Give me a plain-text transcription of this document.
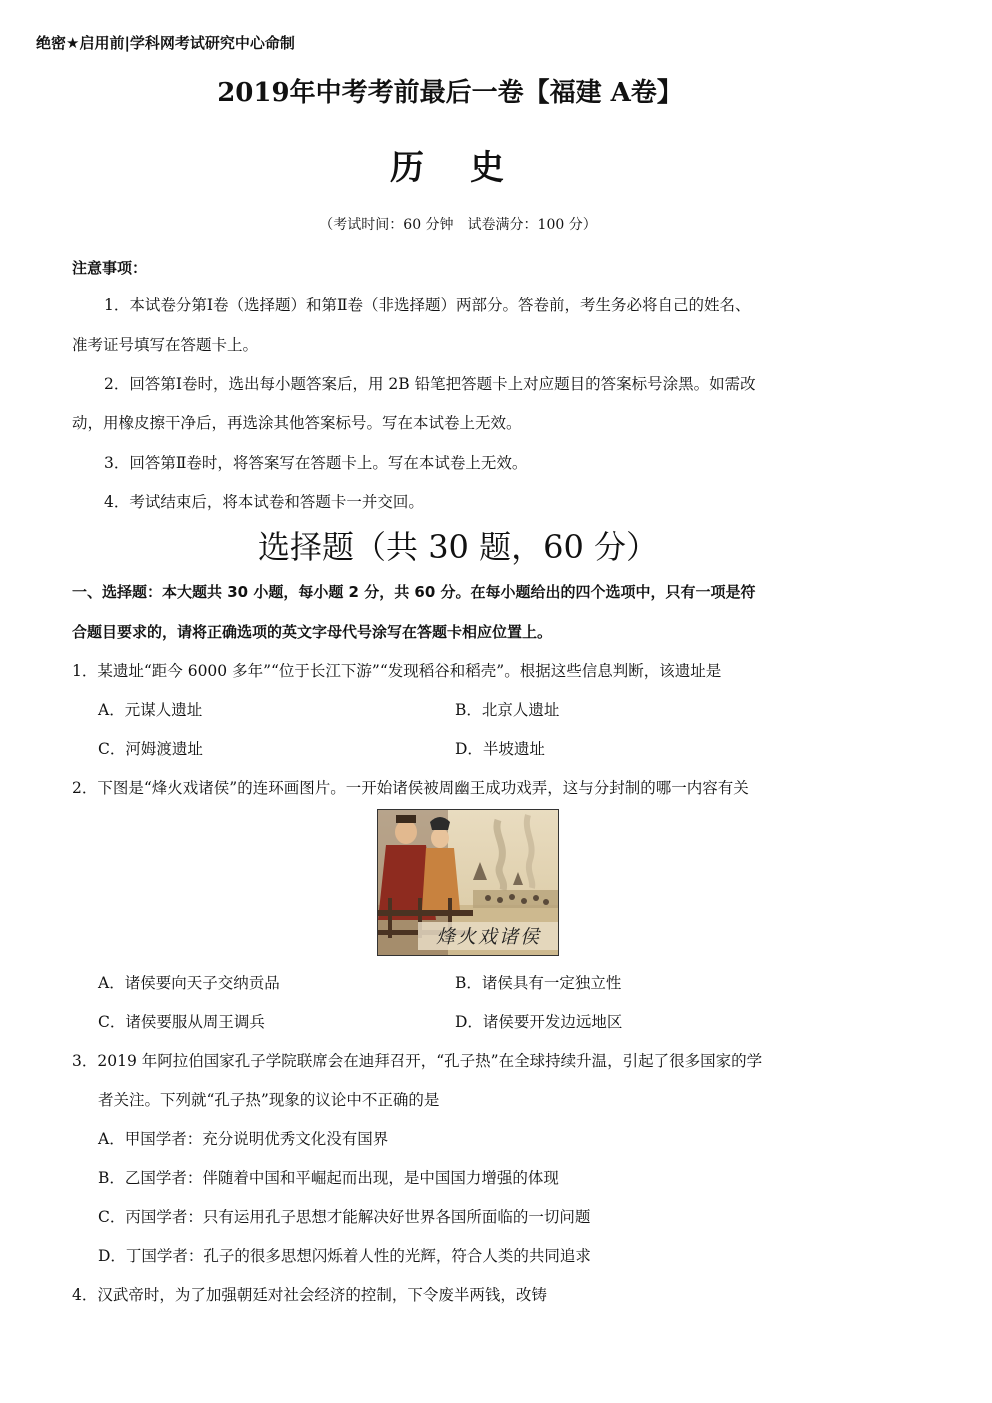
绝密★启用前|学科网考试研究中心命制
2019年中考考前最后一卷【福建 A卷】
历 史
（考试时间：60 分钟　试卷满分：100 分）
注意事项：
1．本试卷分第Ⅰ卷（选择题）和第Ⅱ卷（非选择题）两部分。答卷前，考生务必将自己的姓名、
准考证号填写在答题卡上。
2．回答第Ⅰ卷时，选出每小题答案后，用 2B 铅笔把答题卡上对应题目的答案标号涂黑。如需改
动，用橡皮擦干净后，再选涂其他答案标号。写在本试卷上无效。
3．回答第Ⅱ卷时，将答案写在答题卡上。写在本试卷上无效。
4．考试结束后，将本试卷和答题卡一并交回。
选择题（共 30 题，60 分）
一、选择题：本大题共 30 小题，每小题 2 分，共 60 分。在每小题给出的四个选项中，只有一项是符
合题目要求的，请将正确选项的英文字母代号涂写在答题卡相应位置上。
1．某遗址“距今 6000 多年”“位于长江下游”“发现稻谷和稻壳”。根据这些信息判断，该遗址是
A．元谋人遗址	B．北京人遗址
C．河姆渡遗址	D．半坡遗址
2．下图是“烽火戏诸侯”的连环画图片。一开始诸侯被周幽王成功戏弄，这与分封制的哪一内容有关
烽火戏诸侯
A．诸侯要向天子交纳贡品	B．诸侯具有一定独立性
C．诸侯要服从周王调兵	D．诸侯要开发边远地区
3．2019 年阿拉伯国家孔子学院联席会在迪拜召开，“孔子热”在全球持续升温，引起了很多国家的学
者关注。下列就“孔子热”现象的议论中不正确的是
A．甲国学者：充分说明优秀文化没有国界
B．乙国学者：伴随着中国和平崛起而出现，是中国国力增强的体现
C．丙国学者：只有运用孔子思想才能解决好世界各国所面临的一切问题
D．丁国学者：孔子的很多思想闪烁着人性的光辉，符合人类的共同追求
4．汉武帝时，为了加强朝廷对社会经济的控制，下令废半两钱，改铸
